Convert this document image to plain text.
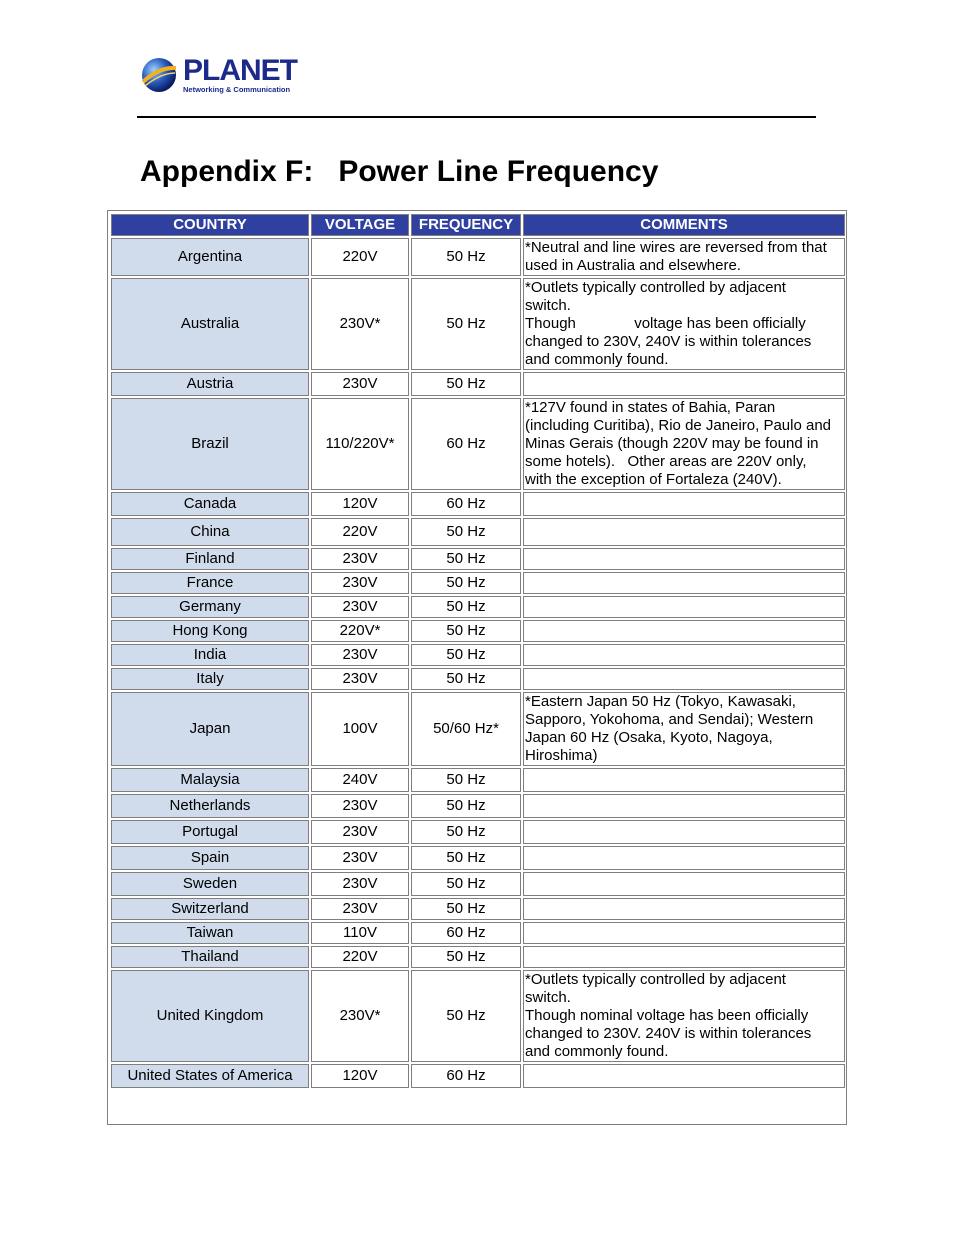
PLANET
Networking & Communication
Appendix F:   Power Line Frequency
COUNTRY	VOLTAGE	FREQUENCY	COMMENTS
Argentina	220V	50 Hz	*Neutral and line wires are reversed from that
used in Australia and elsewhere.

Australia	230V*	50 Hz	*Outlets typically controlled by adjacent
switch.
Though              voltage has been officially
changed to 230V, 240V is within tolerances
and commonly found.

Austria	230V	50 Hz	
Brazil	110/220V*	60 Hz	*127V found in states of Bahia, Paran
(including Curitiba), Rio de Janeiro, Paulo and
Minas Gerais (though 220V may be found in
some hotels).   Other areas are 220V only,
with the exception of Fortaleza (240V).

Canada	120V	60 Hz	
China	220V	50 Hz	
Finland	230V	50 Hz	
France	230V	50 Hz	
Germany	230V	50 Hz	
Hong Kong	220V*	50 Hz	
India	230V	50 Hz	
Italy	230V	50 Hz	
Japan	100V	50/60 Hz*	*Eastern Japan 50 Hz (Tokyo, Kawasaki,
Sapporo, Yokohoma, and Sendai); Western
Japan 60 Hz (Osaka, Kyoto, Nagoya,
Hiroshima)

Malaysia	240V	50 Hz	
Netherlands	230V	50 Hz	
Portugal	230V	50 Hz	
Spain	230V	50 Hz	
Sweden	230V	50 Hz	
Switzerland	230V	50 Hz	
Taiwan	110V	60 Hz	
Thailand	220V	50 Hz	
United Kingdom	230V*	50 Hz	*Outlets typically controlled by adjacent
switch.
Though nominal voltage has been officially
changed to 230V. 240V is within tolerances
and commonly found.

United States of America	120V	60 Hz	
